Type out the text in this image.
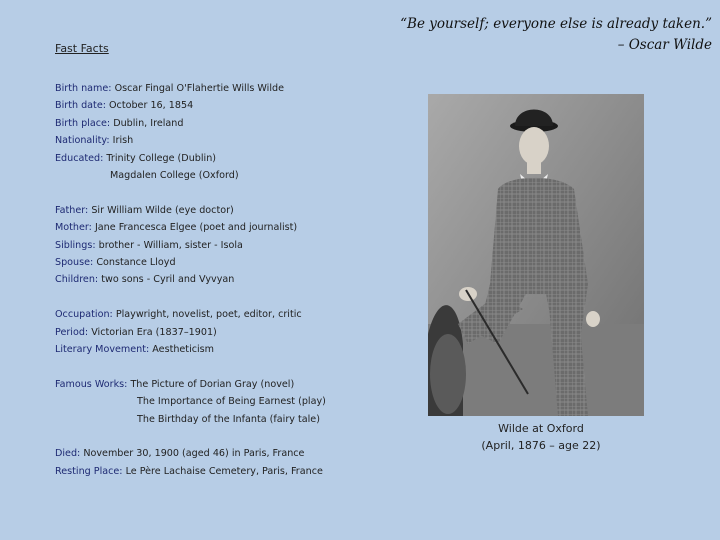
“Be yourself; everyone else is already taken.”
– Oscar Wilde
Fast Facts
Birth name: Oscar Fingal O'Flahertie Wills Wilde
Birth date: October 16, 1854
Birth place: Dublin, Ireland
Nationality: Irish
Educated: Trinity College (Dublin)
Magdalen College (Oxford)
Father: Sir William Wilde (eye doctor)
Mother: Jane Francesca Elgee (poet and journalist)
Siblings: brother - William, sister - Isola
Spouse: Constance Lloyd
Children: two sons - Cyril and Vyvyan
Occupation: Playwright, novelist, poet, editor, critic
Period: Victorian Era (1837–1901)
Literary Movement: Aestheticism
Famous Works: The Picture of Dorian Gray (novel)
The Importance of Being Earnest (play)
The Birthday of the Infanta (fairy tale)
Died: November 30, 1900 (aged 46) in Paris, France
Resting Place: Le Père Lachaise Cemetery, Paris, France
Wilde at Oxford
(April, 1876 – age 22)
